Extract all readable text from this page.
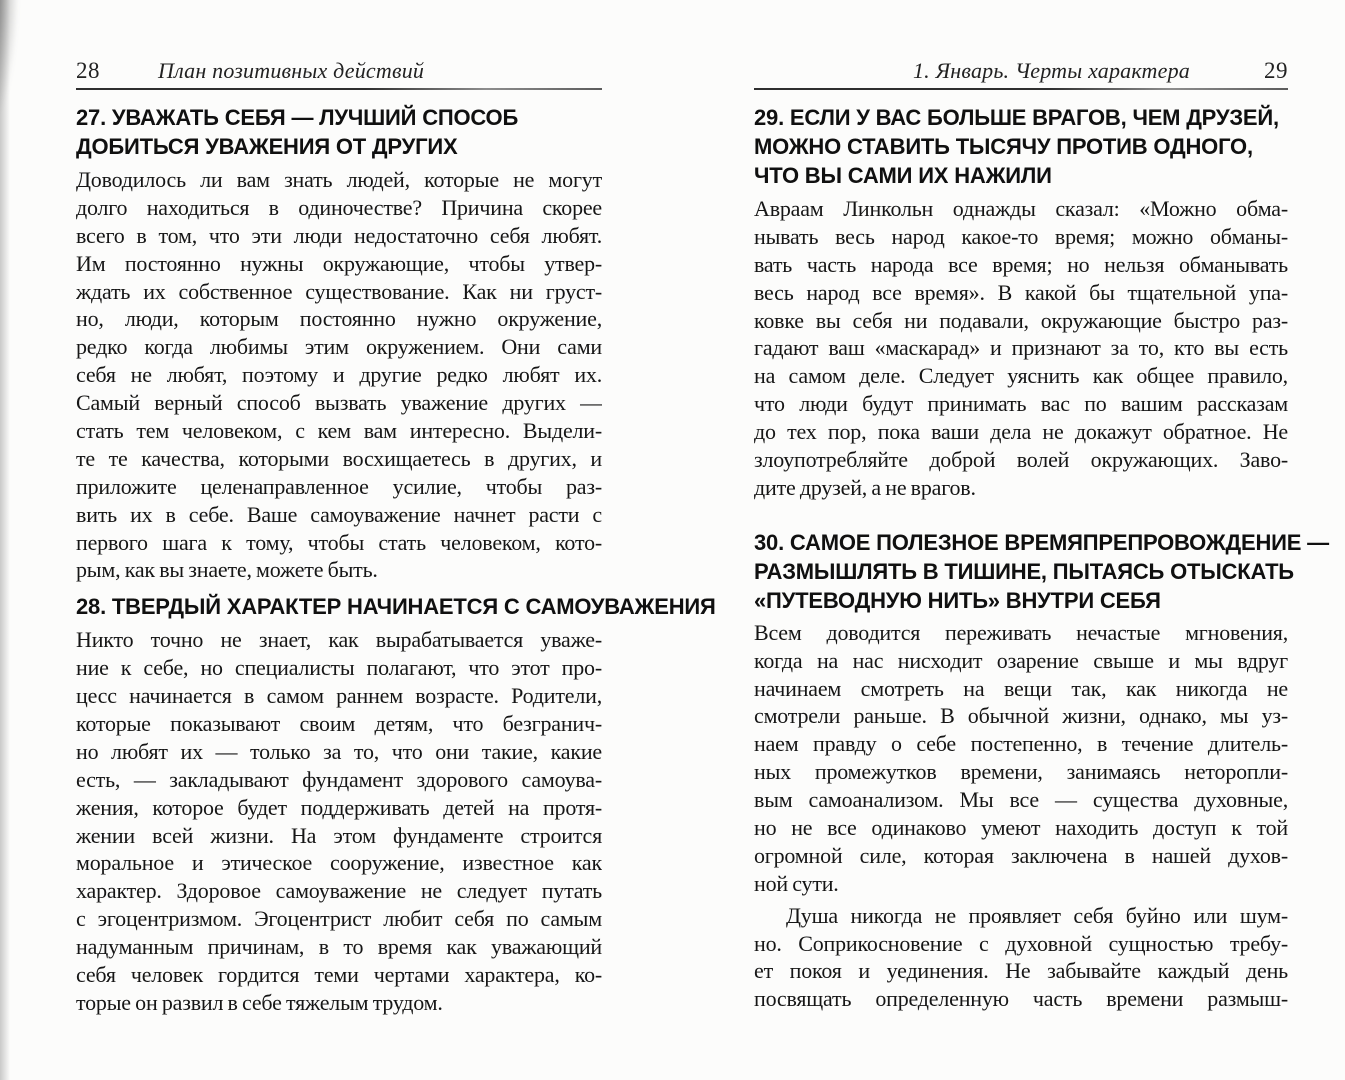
28	План позитивных действий
27. УВАЖАТЬ СЕБЯ — ЛУЧШИЙ СПОСОБ
ДОБИТЬСЯ УВАЖЕНИЯ ОТ ДРУГИХ
Доводилось ли вам знать людей, которые не могут
долго находиться в одиночестве? Причина скорее
всего в том, что эти люди недостаточно себя любят.
Им постоянно нужны окружающие, чтобы утвер-
ждать их собственное существование. Как ни груст-
но, люди, которым постоянно нужно окружение,
редко когда любимы этим окружением. Они сами
себя не любят, поэтому и другие редко любят их.
Самый верный способ вызвать уважение других —
стать тем человеком, с кем вам интересно. Выдели-
те те качества, которыми восхищаетесь в других, и
приложите целенаправленное усилие, чтобы раз-
вить их в себе. Ваше самоуважение начнет расти с
первого шага к тому, чтобы стать человеком, кото-
рым, как вы знаете, можете быть.
28. ТВЕРДЫЙ ХАРАКТЕР НАЧИНАЕТСЯ С САМОУВАЖЕНИЯ
Никто точно не знает, как вырабатывается уваже-
ние к себе, но специалисты полагают, что этот про-
цесс начинается в самом раннем возрасте. Родители,
которые показывают своим детям, что безгранич-
но любят их — только за то, что они такие, какие
есть, — закладывают фундамент здорового самоува-
жения, которое будет поддерживать детей на протя-
жении всей жизни. На этом фундаменте строится
моральное и этическое сооружение, известное как
характер. Здоровое самоуважение не следует путать
с эгоцентризмом. Эгоцентрист любит себя по самым
надуманным причинам, в то время как уважающий
себя человек гордится теми чертами характера, ко-
торые он развил в себе тяжелым трудом.
1. Январь. Черты характера	29
29. ЕСЛИ У ВАС БОЛЬШЕ ВРАГОВ, ЧЕМ ДРУЗЕЙ,
МОЖНО СТАВИТЬ ТЫСЯЧУ ПРОТИВ ОДНОГО,
ЧТО ВЫ САМИ ИХ НАЖИЛИ
Авраам Линкольн однажды сказал: «Можно обма-
нывать весь народ какое-то время; можно обманы-
вать часть народа все время; но нельзя обманывать
весь народ все время». В какой бы тщательной упа-
ковке вы себя ни подавали, окружающие быстро раз-
гадают ваш «маскарад» и признают за то, кто вы есть
на самом деле. Следует уяснить как общее правило,
что люди будут принимать вас по вашим рассказам
до тех пор, пока ваши дела не докажут обратное. Не
злоупотребляйте доброй волей окружающих. Заво-
дите друзей, а не врагов.
30. САМОЕ ПОЛЕЗНОЕ ВРЕМЯПРЕПРОВОЖДЕНИЕ —
РАЗМЫШЛЯТЬ В ТИШИНЕ, ПЫТАЯСЬ ОТЫСКАТЬ
«ПУТЕВОДНУЮ НИТЬ» ВНУТРИ СЕБЯ
Всем доводится переживать нечастые мгновения,
когда на нас нисходит озарение свыше и мы вдруг
начинаем смотреть на вещи так, как никогда не
смотрели раньше. В обычной жизни, однако, мы уз-
наем правду о себе постепенно, в течение длитель-
ных промежутков времени, занимаясь неторопли-
вым самоанализом. Мы все — существа духовные,
но не все одинаково умеют находить доступ к той
огромной силе, которая заключена в нашей духов-
ной сути.
Душа никогда не проявляет себя буйно или шум-
но. Соприкосновение с духовной сущностью требу-
ет покоя и уединения. Не забывайте каждый день
посвящать определенную часть времени размыш-
